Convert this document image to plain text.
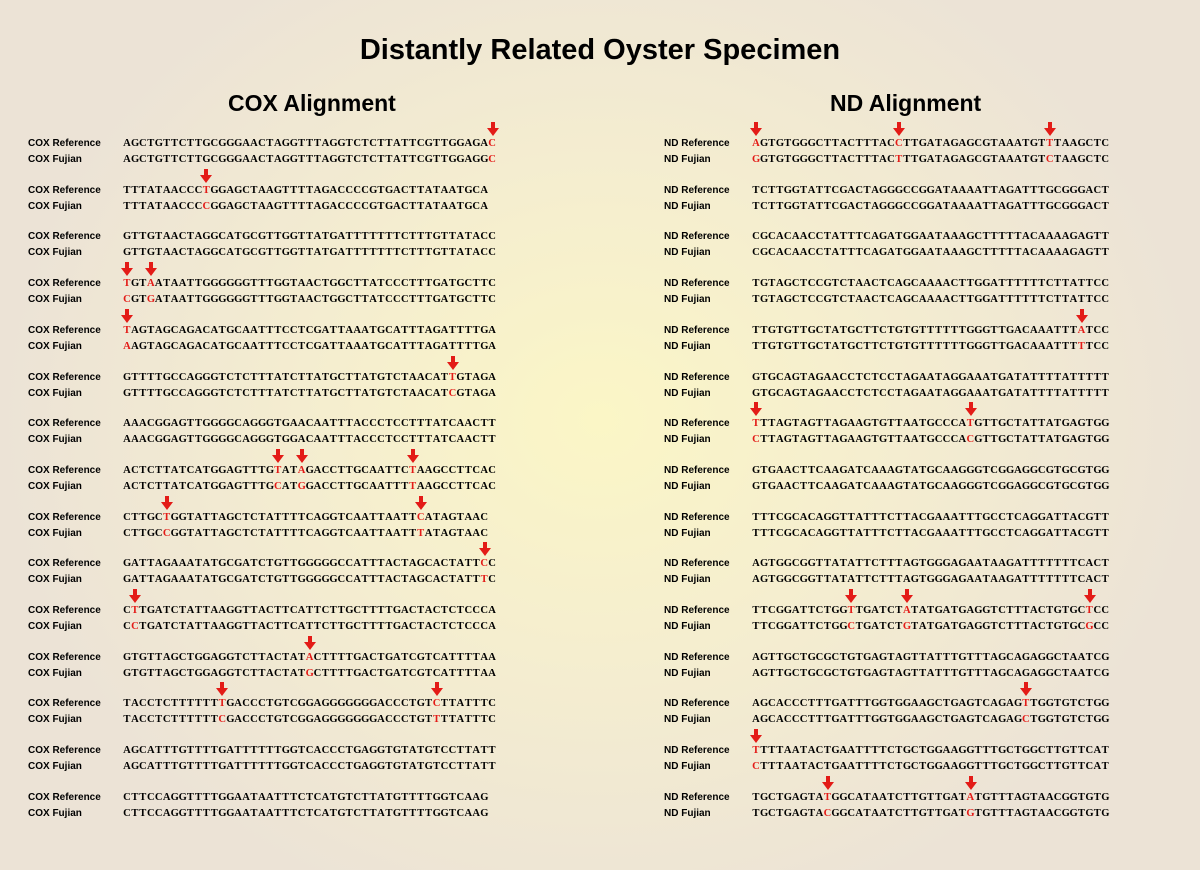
Distantly Related Oyster Specimen
COX Alignment	ND Alignment
COX Reference AGCTGTTCTTGCGGGAACTAGGTTTAGGTCTCTTATTCGTTGGAGAC
COX Fujian	AGCTGTTCTTGCGGGAACTAGGTTTAGGTCTCTTATTCGTTGGAGGC
COX Reference TTTATAACCCTGGAGCTAAGTTTTAGACCCCGTGACTTATAATGCA
COX Fujian	TTTATAACCCCGGAGCTAAGTTTTAGACCCCGTGACTTATAATGCA
COX Reference GTTGTAACTAGGCATGCGTTGGTTATGATTTTTTTCTTTGTTATACC
COX Fujian	GTTGTAACTAGGCATGCGTTGGTTATGATTTTTTTCTTTGTTATACC
COX Reference TGTAATAATTGGGGGGTTTGGTAACTGGCTTATCCCTTTGATGCTTC
COX Fujian	CGTGATAATTGGGGGGTTTGGTAACTGGCTTATCCCTTTGATGCTTC
COX Reference TAGTAGCAGACATGCAATTTCCTCGATTAAATGCATTTAGATTTTGA
COX Fujian	AAGTAGCAGACATGCAATTTCCTCGATTAAATGCATTTAGATTTTGA
COX Reference GTTTTGCCAGGGTCTCTTTATCTTATGCTTATGTCTAACATTGTAGA
COX Fujian	GTTTTGCCAGGGTCTCTTTATCTTATGCTTATGTCTAACATCGTAGA
COX Reference AAACGGAGTTGGGGCAGGGTGAACAATTTACCCTCCTTTATCAACTT
COX Fujian	AAACGGAGTTGGGGCAGGGTGGACAATTTACCCTCCTTTATCAACTT
COX Reference ACTCTTATCATGGAGTTTGTATAGACCTTGCAATTCTAAGCCTTCAC
COX Fujian	ACTCTTATCATGGAGTTTGCATGGACCTTGCAATTTTAAGCCTTCAC
COX Reference CTTGCTGGTATTAGCTCTATTTTCAGGTCAATTAATTCATAGTAAC
COX Fujian	CTTGCCGGTATTAGCTCTATTTTCAGGTCAATTAATTTATAGTAAC
COX Reference GATTAGAAATATGCGATCTGTTGGGGGCCATTTACTAGCACTATTCC
COX Fujian	GATTAGAAATATGCGATCTGTTGGGGGCCATTTACTAGCACTATTTC
COX Reference CTTGATCTATTAAGGTTACTTCATTCTTGCTTTTGACTACTCTCCCA
COX Fujian	CCTGATCTATTAAGGTTACTTCATTCTTGCTTTTGACTACTCTCCCA
COX Reference GTGTTAGCTGGAGGTCTTACTATACTTTTGACTGATCGTCATTTTAA
COX Fujian	GTGTTAGCTGGAGGTCTTACTATGCTTTTGACTGATCGTCATTTTAA
COX Reference TACCTCTTTTTTTGACCCTGTCGGAGGGGGGGACCCTGTCTTATTTC
COX Fujian	TACCTCTTTTTTCGACCCTGTCGGAGGGGGGGACCCTGTTTTATTTC
COX Reference AGCATTTGTTTTGATTTTTTGGTCACCCTGAGGTGTATGTCCTTATT
COX Fujian	AGCATTTGTTTTGATTTTTTGGTCACCCTGAGGTGTATGTCCTTATT
COX Reference CTTCCAGGTTTTGGAATAATTTCTCATGTCTTATGTTTTGGTCAAG
COX Fujian	CTTCCAGGTTTTGGAATAATTTCTCATGTCTTATGTTTTGGTCAAG
ND Reference AGTGTGGGCTTACTTTACCTTGATAGAGCGTAAATGTTTAAGCTC
ND Fujian	GGTGTGGGCTTACTTTACTTTGATAGAGCGTAAATGTCTAAGCTC
ND Reference TCTTGGTATTCGACTAGGGCCGGATAAAATTAGATTTGCGGGACT
ND Fujian	TCTTGGTATTCGACTAGGGCCGGATAAAATTAGATTTGCGGGACT
ND Reference CGCACAACCTATTTCAGATGGAATAAAGCTTTTTACAAAAGAGTT
ND Fujian	CGCACAACCTATTTCAGATGGAATAAAGCTTTTTACAAAAGAGTT
ND Reference TGTAGCTCCGTCTAACTCAGCAAAACTTGGATTTTTTCTTATTCC
ND Fujian	TGTAGCTCCGTCTAACTCAGCAAAACTTGGATTTTTTCTTATTCC
ND Reference TTGTGTTGCTATGCTTCTGTGTTTTTTGGGTTGACAAATTTATCC
ND Fujian	TTGTGTTGCTATGCTTCTGTGTTTTTTGGGTTGACAAATTTTTCC
ND Reference GTGCAGTAGAACCTCTCCTAGAATAGGAAATGATATTTTATTTTT
ND Fujian	GTGCAGTAGAACCTCTCCTAGAATAGGAAATGATATTTTATTTTT
ND Reference TTTAGTAGTTAGAAGTGTTAATGCCCATGTTGCTATTATGAGTGG
ND Fujian	CTTAGTAGTTAGAAGTGTTAATGCCCACGTTGCTATTATGAGTGG
ND Reference GTGAACTTCAAGATCAAAGTATGCAAGGGTCGGAGGCGTGCGTGG
ND Fujian	GTGAACTTCAAGATCAAAGTATGCAAGGGTCGGAGGCGTGCGTGG
ND Reference TTTCGCACAGGTTATTTCTTACGAAATTTGCCTCAGGATTACGTT
ND Fujian	TTTCGCACAGGTTATTTCTTACGAAATTTGCCTCAGGATTACGTT
ND Reference AGTGGCGGTTATATTCTTTAGTGGGAGAATAAGATTTTTTTCACT
ND Fujian	AGTGGCGGTTATATTCTTTAGTGGGAGAATAAGATTTTTTTCACT
ND Reference TTCGGATTCTGGTTGATCTATATGATGAGGTCTTTACTGTGCTCC
ND Fujian	TTCGGATTCTGGCTGATCTGTATGATGAGGTCTTTACTGTGCGCC
ND Reference AGTTGCTGCGCTGTGAGTAGTTATTTGTTTAGCAGAGGCTAATCG
ND Fujian	AGTTGCTGCGCTGTGAGTAGTTATTTGTTTAGCAGAGGCTAATCG
ND Reference AGCACCCTTTGATTTGGTGGAAGCTGAGTCAGAGTTGGTGTCTGG
ND Fujian	AGCACCCTTTGATTTGGTGGAAGCTGAGTCAGAGCTGGTGTCTGG
ND Reference TTTTAATACTGAATTTTCTGCTGGAAGGTTTGCTGGCTTGTTCAT
ND Fujian	CTTTAATACTGAATTTTCTGCTGGAAGGTTTGCTGGCTTGTTCAT
ND Reference TGCTGAGTATGGCATAATCTTGTTGATATGTTTAGTAACGGTGTG
ND Fujian	TGCTGAGTACGGCATAATCTTGTTGATGTGTTTAGTAACGGTGTG
